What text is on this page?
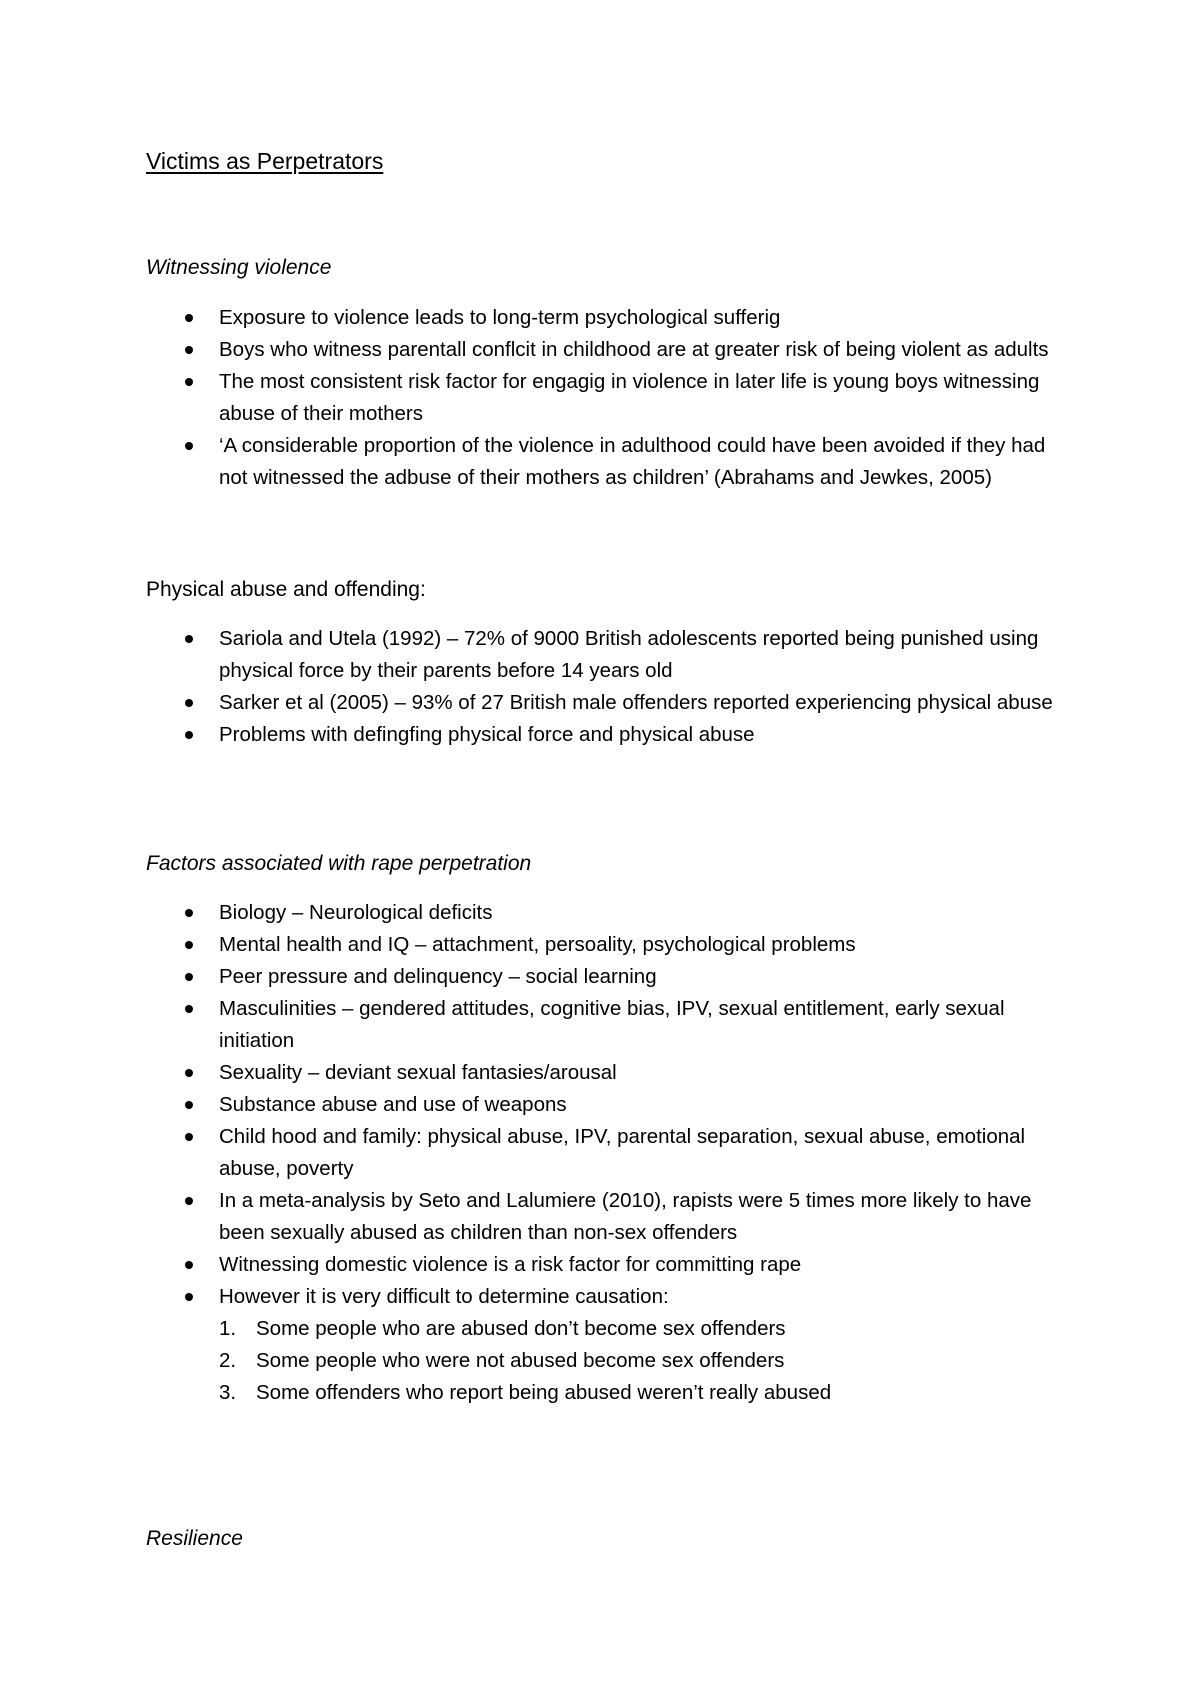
Victims as Perpetrators
Witnessing violence
Exposure to violence leads to long-term psychological sufferig
Boys who witness parentall conflcit in childhood are at greater risk of being violent as adults
The most consistent risk factor for engagig in violence in later life is young boys witnessing abuse of their mothers
‘A considerable proportion of the violence in adulthood could have been avoided if they had not witnessed the adbuse of their mothers as children’ (Abrahams and Jewkes, 2005)
Physical abuse and offending:
Sariola and Utela (1992) – 72% of 9000 British adolescents reported being punished using physical force by their parents before 14 years old
Sarker et al (2005) – 93% of 27 British male offenders reported experiencing physical abuse
Problems with defingfing physical force and physical abuse
Factors associated with rape perpetration
Biology – Neurological deficits
Mental health and IQ – attachment, persoality, psychological problems
Peer pressure and delinquency – social learning
Masculinities – gendered attitudes, cognitive bias, IPV, sexual entitlement, early sexual initiation
Sexuality – deviant sexual fantasies/arousal
Substance abuse and use of weapons
Child hood and family: physical abuse, IPV, parental separation, sexual abuse, emotional abuse, poverty
In a meta-analysis by Seto and Lalumiere (2010), rapists were 5 times more likely to have been sexually abused as children than non-sex offenders
Witnessing domestic violence is a risk factor for committing rape
However it is very difficult to determine causation:
1. Some people who are abused don’t become sex offenders
2. Some people who were not abused become sex offenders
3. Some offenders who report being abused weren’t really abused
Resilience
